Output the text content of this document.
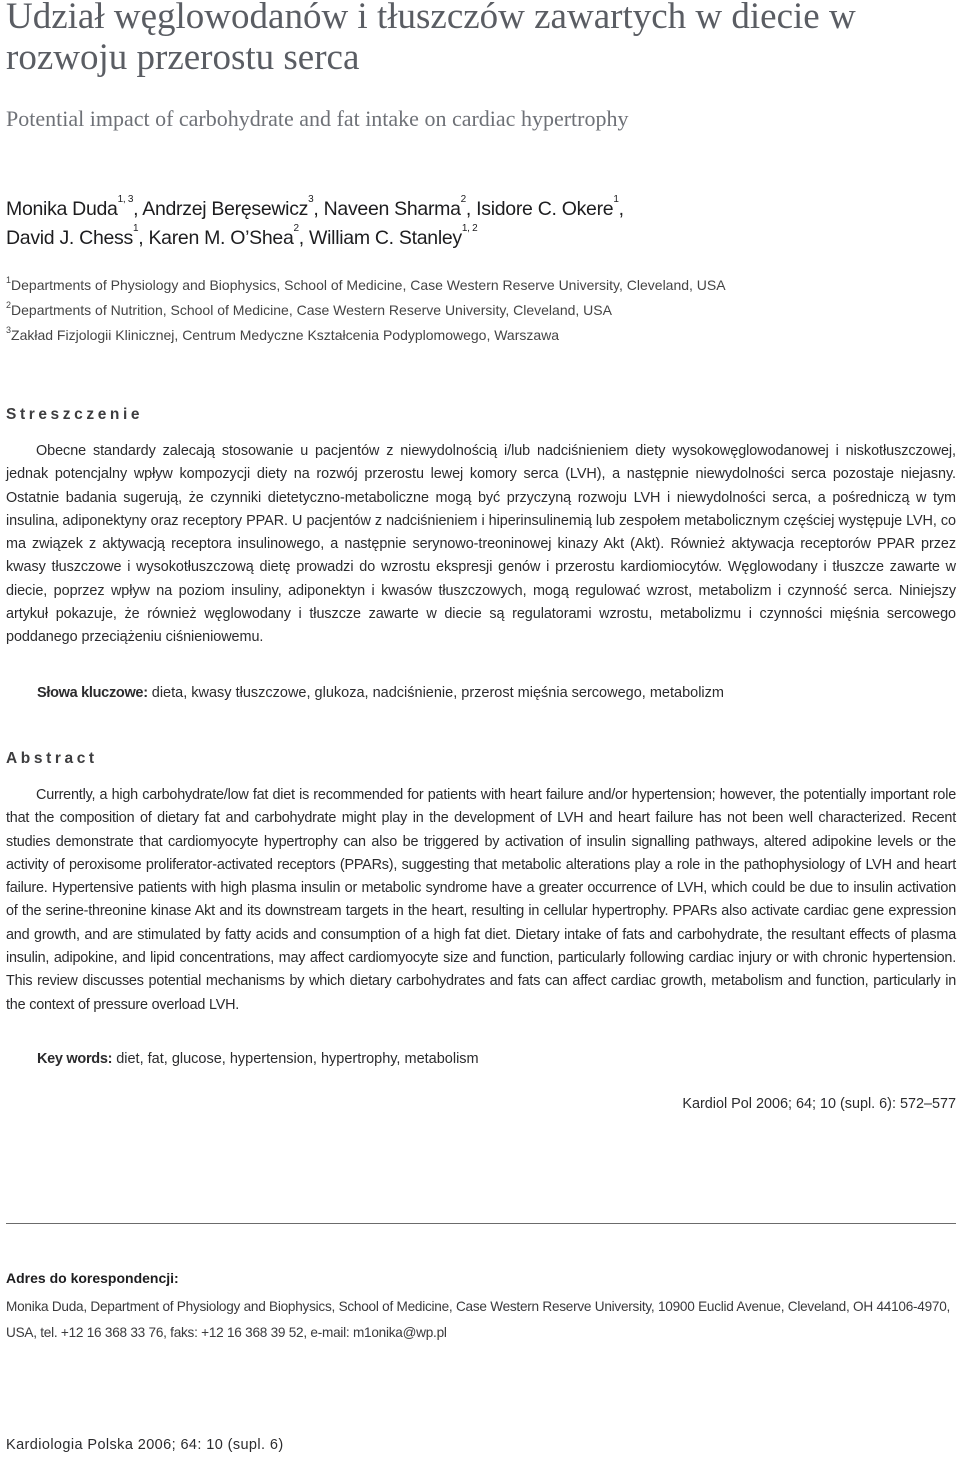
Udział węglowodanów i tłuszczów zawartych w diecie w rozwoju przerostu serca
Potential impact of carbohydrate and fat intake on cardiac hypertrophy
Monika Duda$^{1, 3}$, Andrzej Beręsewicz$^3$, Naveen Sharma$^2$, Isidore C. Okere$^1$,
David J. Chess$^1$, Karen M. O’Shea$^2$, William C. Stanley$^{1, 2}$
$^1$Departments of Physiology and Biophysics, School of Medicine, Case Western Reserve University, Cleveland, USA
$^2$Departments of Nutrition, School of Medicine, Case Western Reserve University, Cleveland, USA
$^3$Zakład Fizjologii Klinicznej, Centrum Medyczne Kształcenia Podyplomowego, Warszawa
Streszczenie
Obecne standardy zalecają stosowanie u pacjentów z niewydolnością i/lub nadciśnieniem diety wysokowęglowodanowej i niskotłuszczowej, jednak potencjalny wpływ kompozycji diety na rozwój przerostu lewej komory serca (LVH), a następnie niewydolności serca pozostaje niejasny. Ostatnie badania sugerują, że czynniki dietetyczno-metaboliczne mogą być przyczyną rozwoju LVH i niewydolności serca, a pośredniczą w tym insulina, adiponektyny oraz receptory PPAR. U pacjentów z nadciśnieniem i hiperinsulinemią lub zespołem metabolicznym częściej występuje LVH, co ma związek z aktywacją receptora insulinowego, a następnie serynowo-treoninowej kinazy Akt (Akt). Również aktywacja receptorów PPAR przez kwasy tłuszczowe i wysokotłuszczową dietę prowadzi do wzrostu ekspresji genów i przerostu kardiomiocytów. Węglowodany i tłuszcze zawarte w diecie, poprzez wpływ na poziom insuliny, adiponektyn i kwasów tłuszczowych, mogą regulować wzrost, metabolizm i czynność serca. Niniejszy artykuł pokazuje, że również węglowodany i tłuszcze zawarte w diecie są regulatorami wzrostu, metabolizmu i czynności mięśnia sercowego poddanego przeciążeniu ciśnieniowemu.
Słowa kluczowe: dieta, kwasy tłuszczowe, glukoza, nadciśnienie, przerost mięśnia sercowego, metabolizm
Abstract
Currently, a high carbohydrate/low fat diet is recommended for patients with heart failure and/or hypertension; however, the potentially important role that the composition of dietary fat and carbohydrate might play in the development of LVH and heart failure has not been well characterized. Recent studies demonstrate that cardiomyocyte hypertrophy can also be triggered by activation of insulin signalling pathways, altered adipokine levels or the activity of peroxisome proliferator-activated receptors (PPARs), suggesting that metabolic alterations play a role in the pathophysiology of LVH and heart failure. Hypertensive patients with high plasma insulin or metabolic syndrome have a greater occurrence of LVH, which could be due to insulin activation of the serine-threonine kinase Akt and its downstream targets in the heart, resulting in cellular hypertrophy. PPARs also activate cardiac gene expression and growth, and are stimulated by fatty acids and consumption of a high fat diet. Dietary intake of fats and carbohydrate, the resultant effects of plasma insulin, adipokine, and lipid concentrations, may affect cardiomyocyte size and function, particularly following cardiac injury or with chronic hypertension. This review discusses potential mechanisms by which dietary carbohydrates and fats can affect cardiac growth, metabolism and function, particularly in the context of pressure overload LVH.
Key words: diet, fat, glucose, hypertension, hypertrophy, metabolism
Kardiol Pol 2006; 64; 10 (supl. 6): 572–577
Adres do korespondencji:
Monika Duda, Department of Physiology and Biophysics, School of Medicine, Case Western Reserve University, 10900 Euclid Avenue, Cleveland, OH 44106-4970, USA, tel. +12 16 368 33 76, faks: +12 16 368 39 52, e-mail: m1onika@wp.pl
Kardiologia Polska 2006; 64: 10 (supl. 6)
